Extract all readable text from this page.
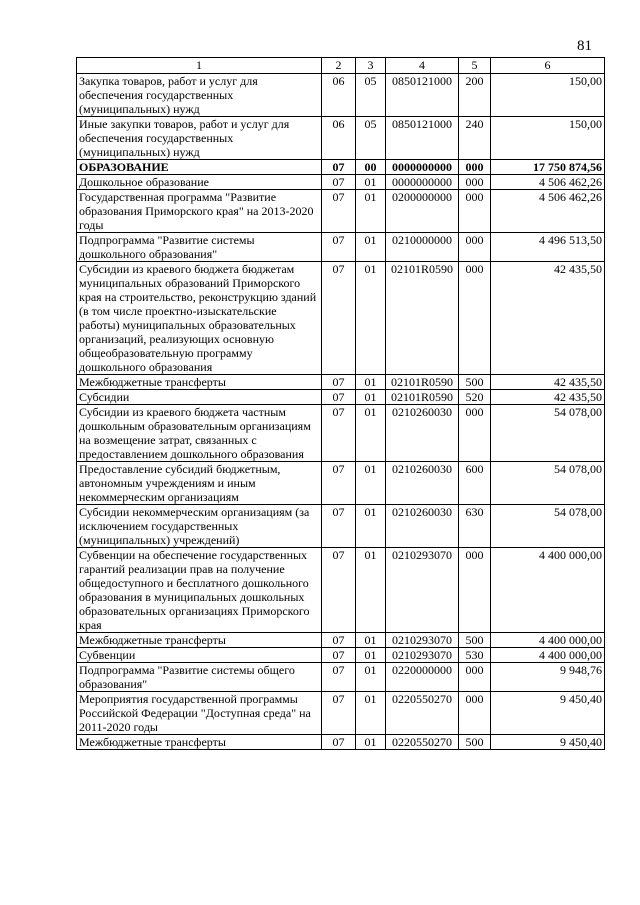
81
1	2	3	4	5	6
Закупка товаров, работ и услуг для обеспечения государственных (муниципальных) нужд	06	05	0850121000	200	150,00
Иные закупки товаров, работ и услуг для обеспечения государственных (муниципальных) нужд	06	05	0850121000	240	150,00
ОБРАЗОВАНИЕ	07	00	0000000000	000	17 750 874,56
Дошкольное образование	07	01	0000000000	000	4 506 462,26
Государственная программа "Развитие образования Приморского края" на 2013-2020 годы	07	01	0200000000	000	4 506 462,26
Подпрограмма "Развитие системы дошкольного образования"	07	01	0210000000	000	4 496 513,50
Субсидии из краевого бюджета бюджетам муниципальных образований Приморского края на строительство, реконструкцию зданий (в том числе проектно-изыскательские работы) муниципальных образовательных организаций, реализующих основную общеобразовательную программу дошкольного образования	07	01	02101R0590	000	42 435,50
Межбюджетные трансферты	07	01	02101R0590	500	42 435,50
Субсидии	07	01	02101R0590	520	42 435,50
Субсидии из краевого бюджета частным дошкольным образовательным организациям на возмещение затрат, связанных с предоставлением дошкольного образования	07	01	0210260030	000	54 078,00
Предоставление субсидий бюджетным, автономным учреждениям и иным некоммерческим организациям	07	01	0210260030	600	54 078,00
Субсидии некоммерческим организациям (за исключением государственных (муниципальных) учреждений)	07	01	0210260030	630	54 078,00
Субвенции на обеспечение государственных гарантий реализации прав на получение общедоступного и бесплатного дошкольного образования в муниципальных дошкольных образовательных организациях Приморского края	07	01	0210293070	000	4 400 000,00
Межбюджетные трансферты	07	01	0210293070	500	4 400 000,00
Субвенции	07	01	0210293070	530	4 400 000,00
Подпрограмма "Развитие системы общего образования"	07	01	0220000000	000	9 948,76
Мероприятия государственной программы Российской Федерации "Доступная среда" на 2011-2020 годы	07	01	0220550270	000	9 450,40
Межбюджетные трансферты	07	01	0220550270	500	9 450,40
